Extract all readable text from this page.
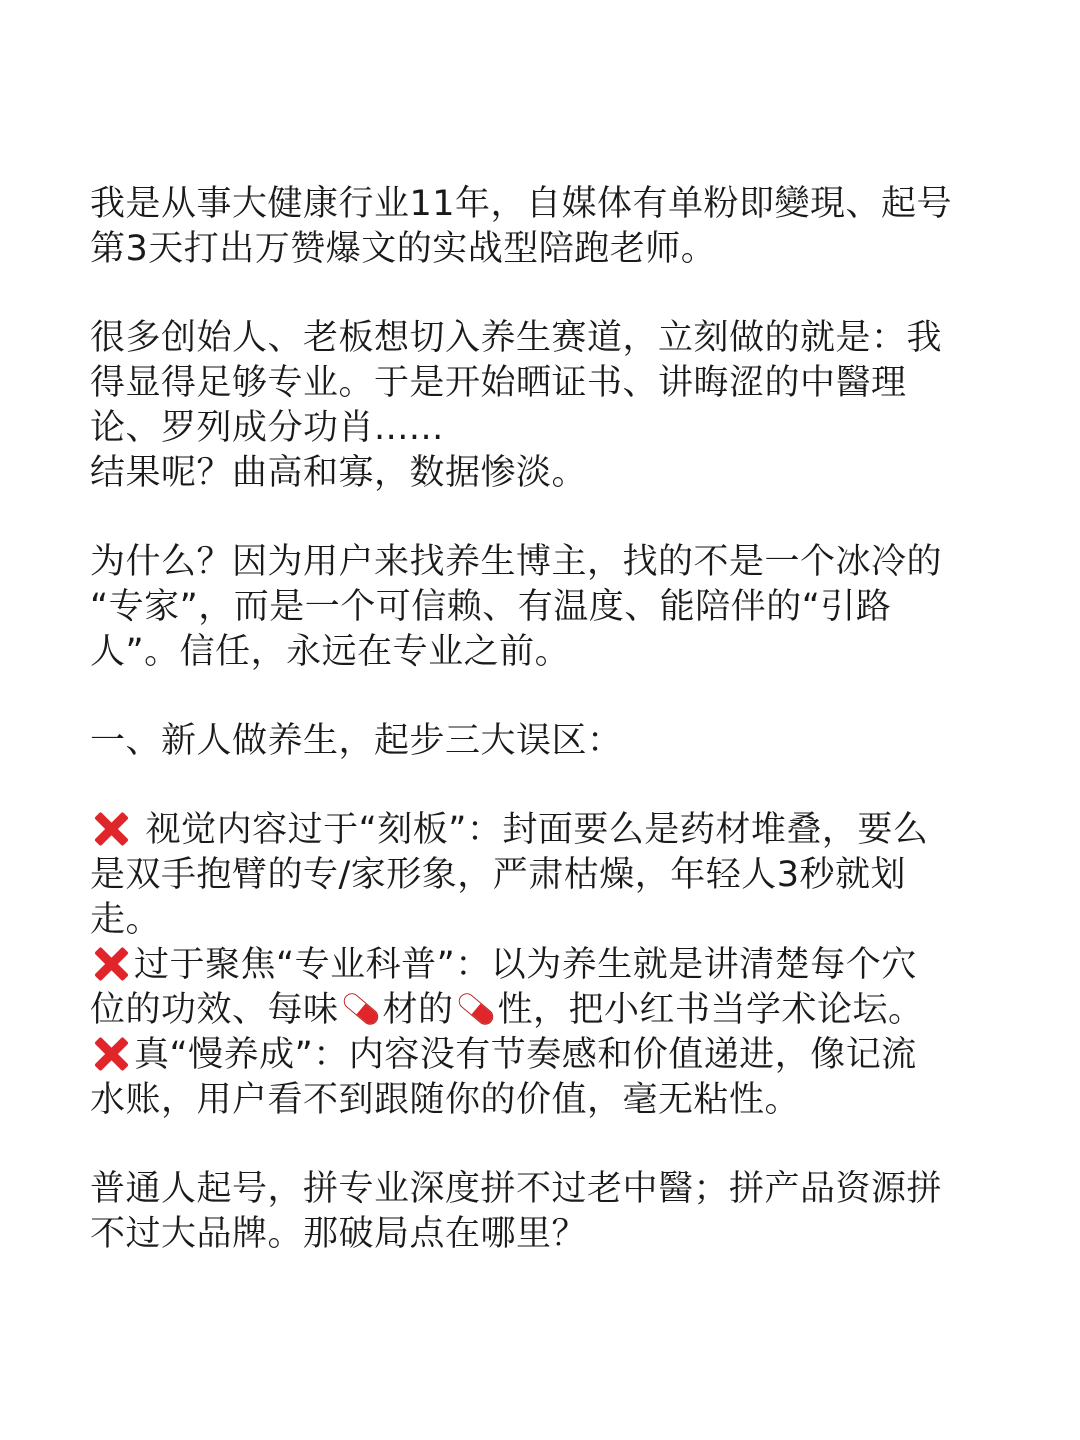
我是从事大健康行业11年，自媒体有单粉即變現、起号
第3天打出万赞爆文的实战型陪跑老师。
很多创始人、老板想切入养生赛道，立刻做的就是：我
得显得足够专业。于是开始晒证书、讲晦涩的中醫理
论、罗列成分功肖......
结果呢？曲高和寡，数据惨淡。
为什么？因为用户来找养生博主，找的不是一个冰冷的
“专家”，而是一个可信赖、有温度、能陪伴的“引路
人”。信任，永远在专业之前。
一、新人做养生，起步三大误区：
视觉内容过于“刻板”：封面要么是药材堆叠，要么
是双手抱臂的专/家形象，严肃枯燥，年轻人3秒就划
走。
过于聚焦“专业科普”：以为养生就是讲清楚每个穴
位的功效、每味 材的 性，把小红书当学术论坛。
真“慢养成”：内容没有节奏感和价值递进，像记流
水账，用户看不到跟随你的价值，毫无粘性。
普通人起号，拼专业深度拼不过老中醫；拼产品资源拼
不过大品牌。那破局点在哪里？
